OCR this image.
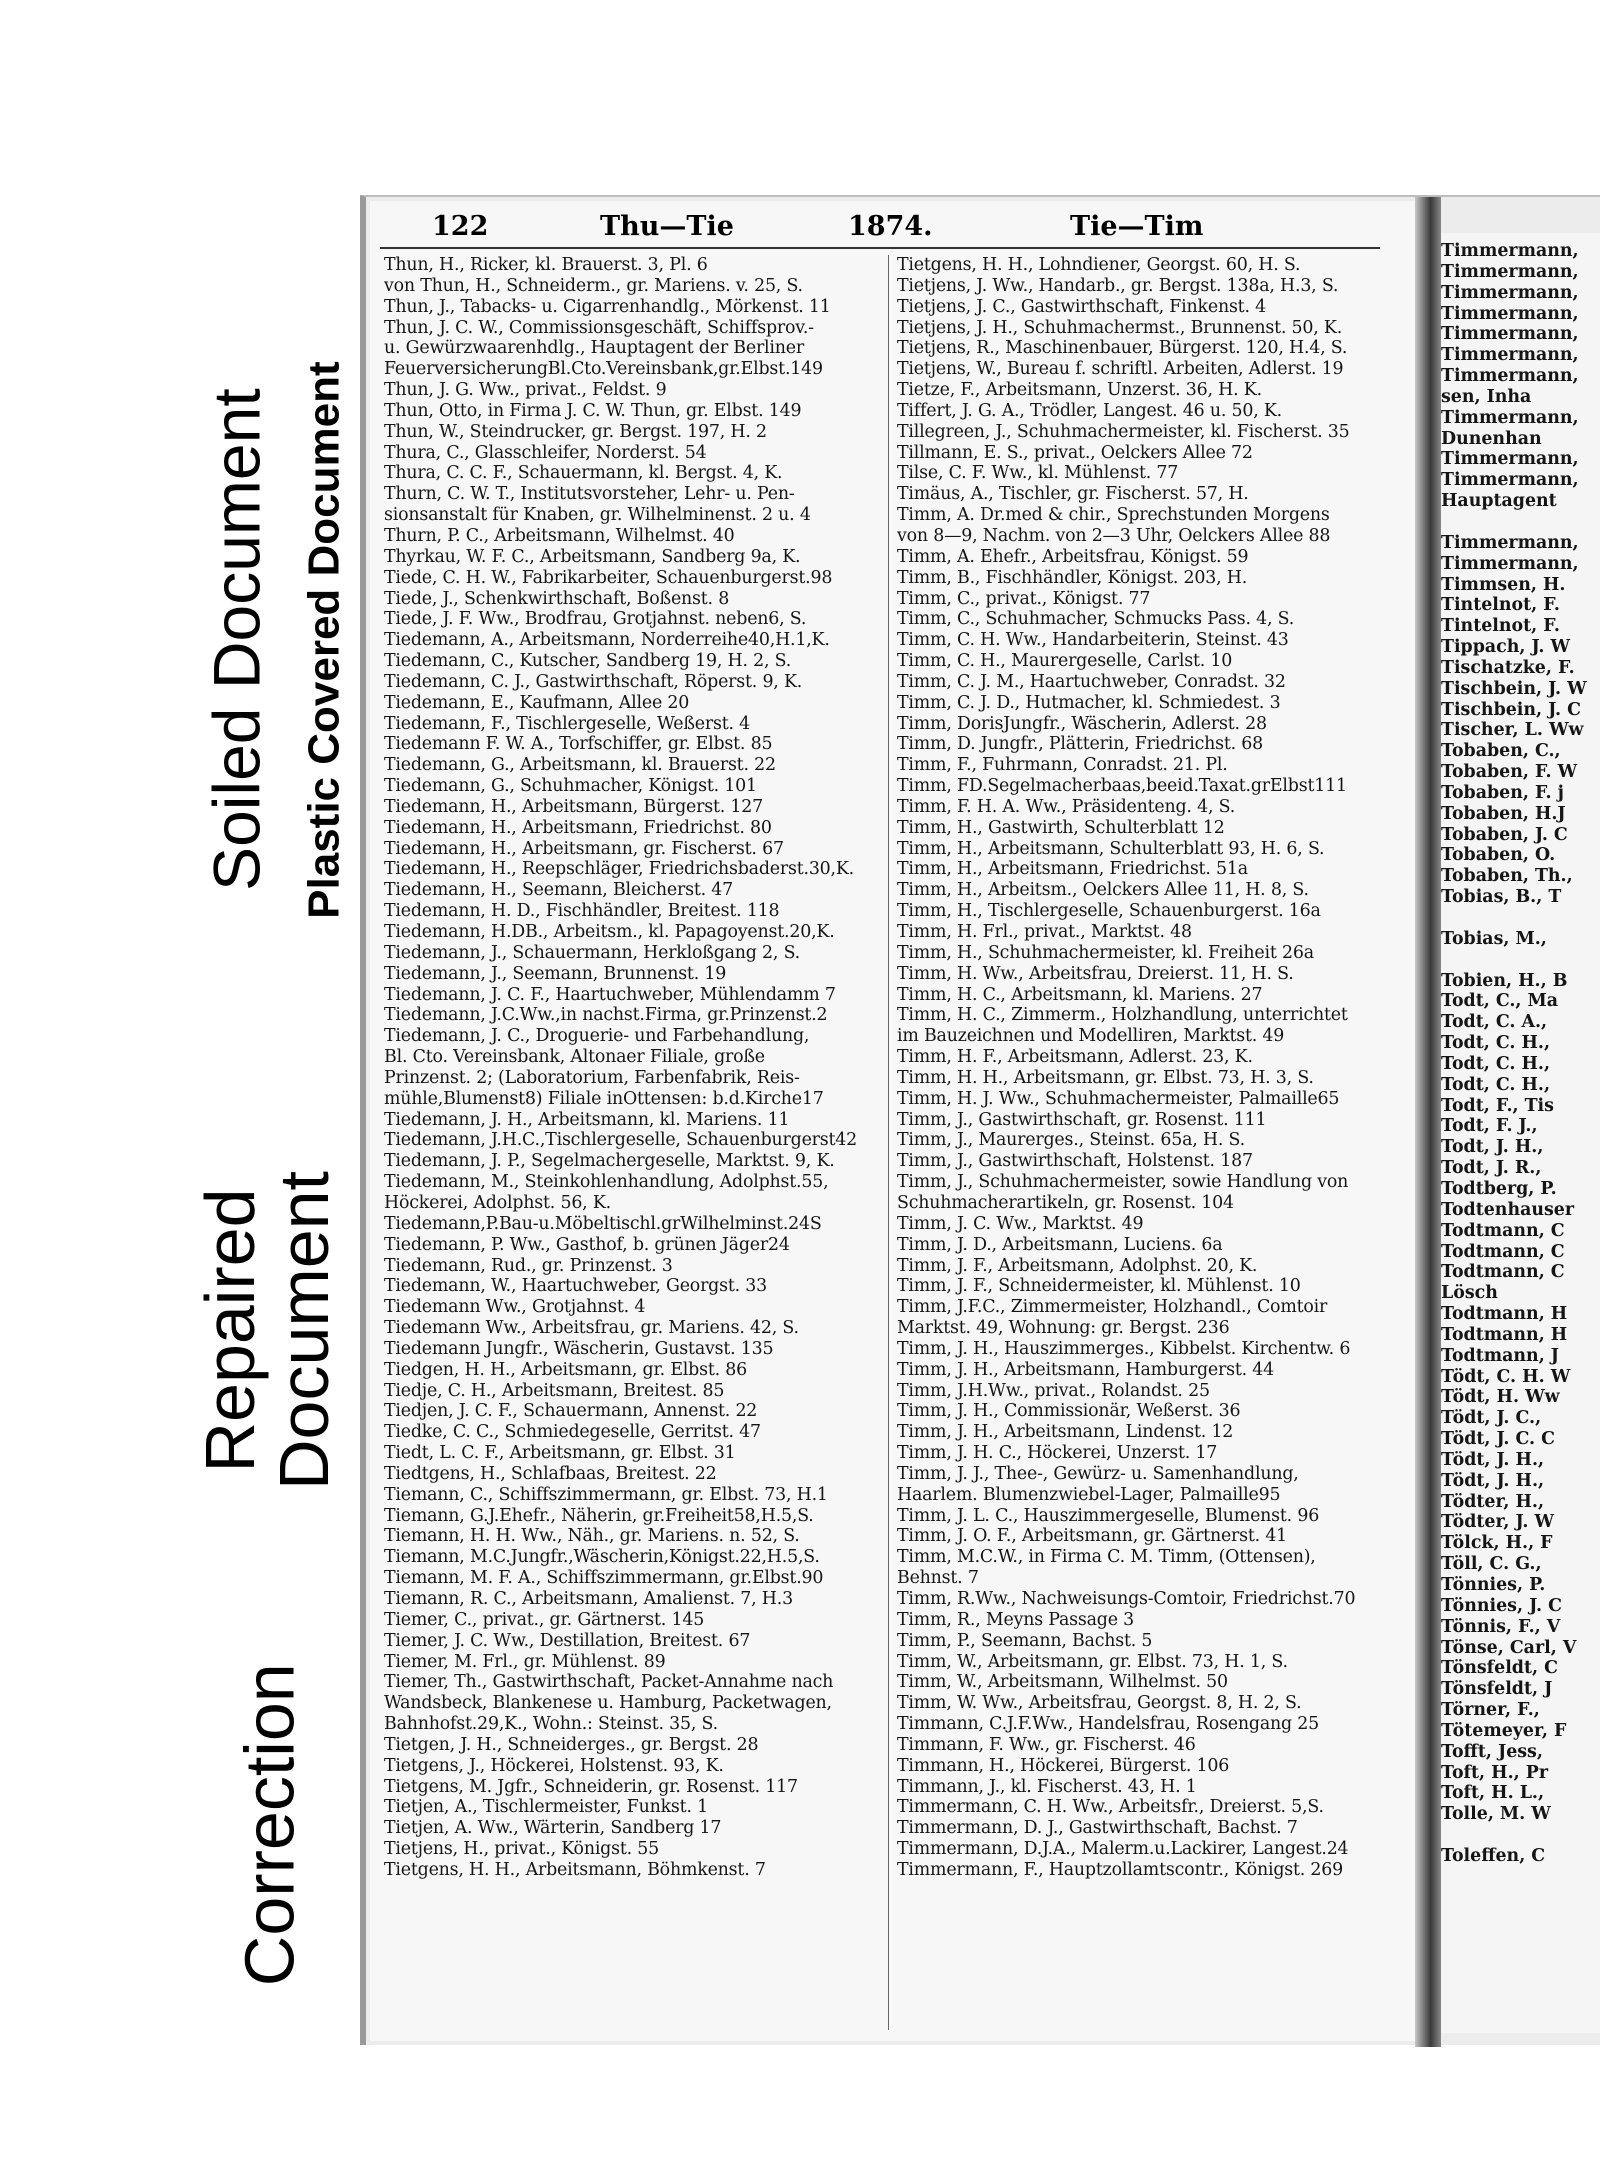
Soiled Document Plastic Covered Document
Repaired
Document
Correction
122	Thu—Tie	1874.	Tie—Tim
Thun, H., Ricker, kl. Brauerst. 3, Pl. 6
von Thun, H., Schneiderm., gr. Mariens. v. 25, S.
Thun, J., Tabacks- u. Cigarrenhandlg., Mörkenst. 11
Thun, J. C. W., Commissionsgeschäft, Schiffsprov.-
u. Gewürzwaarenhdlg., Hauptagent der Berliner
FeuerversicherungBl.Cto.Vereinsbank,gr.Elbst.149
Thun, J. G. Ww., privat., Feldst. 9
Thun, Otto, in Firma J. C. W. Thun, gr. Elbst. 149
Thun, W., Steindrucker, gr. Bergst. 197, H. 2
Thura, C., Glasschleifer, Norderst. 54
Thura, C. C. F., Schauermann, kl. Bergst. 4, K.
Thurn, C. W. T., Institutsvorsteher, Lehr- u. Pen-
sionsanstalt für Knaben, gr. Wilhelminenst. 2 u. 4
Thurn, P. C., Arbeitsmann, Wilhelmst. 40
Thyrkau, W. F. C., Arbeitsmann, Sandberg 9a, K.
Tiede, C. H. W., Fabrikarbeiter, Schauenburgerst.98
Tiede, J., Schenkwirthschaft, Boßenst. 8
Tiede, J. F. Ww., Brodfrau, Grotjahnst. neben6, S.
Tiedemann, A., Arbeitsmann, Norderreihe40,H.1,K.
Tiedemann, C., Kutscher, Sandberg 19, H. 2, S.
Tiedemann, C. J., Gastwirthschaft, Röperst. 9, K.
Tiedemann, E., Kaufmann, Allee 20
Tiedemann, F., Tischlergeselle, Weßerst. 4
Tiedemann F. W. A., Torfschiffer, gr. Elbst. 85
Tiedemann, G., Arbeitsmann, kl. Brauerst. 22
Tiedemann, G., Schuhmacher, Königst. 101
Tiedemann, H., Arbeitsmann, Bürgerst. 127
Tiedemann, H., Arbeitsmann, Friedrichst. 80
Tiedemann, H., Arbeitsmann, gr. Fischerst. 67
Tiedemann, H., Reepschläger, Friedrichsbaderst.30,K.
Tiedemann, H., Seemann, Bleicherst. 47
Tiedemann, H. D., Fischhändler, Breitest. 118
Tiedemann, H.DB., Arbeitsm., kl. Papagoyenst.20,K.
Tiedemann, J., Schauermann, Herkloßgang 2, S.
Tiedemann, J., Seemann, Brunnenst. 19
Tiedemann, J. C. F., Haartuchweber, Mühlendamm 7
Tiedemann, J.C.Ww.,in nachst.Firma, gr.Prinzenst.2
Tiedemann, J. C., Droguerie- und Farbehandlung,
Bl. Cto. Vereinsbank, Altonaer Filiale, große
Prinzenst. 2; (Laboratorium, Farbenfabrik, Reis-
mühle,Blumenst8) Filiale inOttensen: b.d.Kirche17
Tiedemann, J. H., Arbeitsmann, kl. Mariens. 11
Tiedemann, J.H.C.,Tischlergeselle, Schauenburgerst42
Tiedemann, J. P., Segelmachergeselle, Marktst. 9, K.
Tiedemann, M., Steinkohlenhandlung, Adolphst.55,
Höckerei, Adolphst. 56, K.
Tiedemann,P.Bau-u.Möbeltischl.grWilhelminst.24S
Tiedemann, P. Ww., Gasthof, b. grünen Jäger24
Tiedemann, Rud., gr. Prinzenst. 3
Tiedemann, W., Haartuchweber, Georgst. 33
Tiedemann Ww., Grotjahnst. 4
Tiedemann Ww., Arbeitsfrau, gr. Mariens. 42, S.
Tiedemann Jungfr., Wäscherin, Gustavst. 135
Tiedgen, H. H., Arbeitsmann, gr. Elbst. 86
Tiedje, C. H., Arbeitsmann, Breitest. 85
Tiedjen, J. C. F., Schauermann, Annenst. 22
Tiedke, C. C., Schmiedegeselle, Gerritst. 47
Tiedt, L. C. F., Arbeitsmann, gr. Elbst. 31
Tiedtgens, H., Schlafbaas, Breitest. 22
Tiemann, C., Schiffszimmermann, gr. Elbst. 73, H.1
Tiemann, G.J.Ehefr., Näherin, gr.Freiheit58,H.5,S.
Tiemann, H. H. Ww., Näh., gr. Mariens. n. 52, S.
Tiemann, M.C.Jungfr.,Wäscherin,Königst.22,H.5,S.
Tiemann, M. F. A., Schiffszimmermann, gr.Elbst.90
Tiemann, R. C., Arbeitsmann, Amalienst. 7, H.3
Tiemer, C., privat., gr. Gärtnerst. 145
Tiemer, J. C. Ww., Destillation, Breitest. 67
Tiemer, M. Frl., gr. Mühlenst. 89
Tiemer, Th., Gastwirthschaft, Packet-Annahme nach
Wandsbeck, Blankenese u. Hamburg, Packetwagen,
Bahnhofst.29,K., Wohn.: Steinst. 35, S.
Tietgen, J. H., Schneiderges., gr. Bergst. 28
Tietgens, J., Höckerei, Holstenst. 93, K.
Tietgens, M. Jgfr., Schneiderin, gr. Rosenst. 117
Tietjen, A., Tischlermeister, Funkst. 1
Tietjen, A. Ww., Wärterin, Sandberg 17
Tietjens, H., privat., Königst. 55
Tietgens, H. H., Arbeitsmann, Böhmkenst. 7
Tietgens, H. H., Lohndiener, Georgst. 60, H. S.
Tietjens, J. Ww., Handarb., gr. Bergst. 138a, H.3, S.
Tietjens, J. C., Gastwirthschaft, Finkenst. 4
Tietjens, J. H., Schuhmachermst., Brunnenst. 50, K.
Tietjens, R., Maschinenbauer, Bürgerst. 120, H.4, S.
Tietjens, W., Bureau f. schriftl. Arbeiten, Adlerst. 19
Tietze, F., Arbeitsmann, Unzerst. 36, H. K.
Tiffert, J. G. A., Trödler, Langest. 46 u. 50, K.
Tillegreen, J., Schuhmachermeister, kl. Fischerst. 35
Tillmann, E. S., privat., Oelckers Allee 72
Tilse, C. F. Ww., kl. Mühlenst. 77
Timäus, A., Tischler, gr. Fischerst. 57, H.
Timm, A. Dr.med & chir., Sprechstunden Morgens
von 8—9, Nachm. von 2—3 Uhr, Oelckers Allee 88
Timm, A. Ehefr., Arbeitsfrau, Königst. 59
Timm, B., Fischhändler, Königst. 203, H.
Timm, C., privat., Königst. 77
Timm, C., Schuhmacher, Schmucks Pass. 4, S.
Timm, C. H. Ww., Handarbeiterin, Steinst. 43
Timm, C. H., Maurergeselle, Carlst. 10
Timm, C. J. M., Haartuchweber, Conradst. 32
Timm, C. J. D., Hutmacher, kl. Schmiedest. 3
Timm, DorisJungfr., Wäscherin, Adlerst. 28
Timm, D. Jungfr., Plätterin, Friedrichst. 68
Timm, F., Fuhrmann, Conradst. 21. Pl.
Timm, FD.Segelmacherbaas,beeid.Taxat.grElbst111
Timm, F. H. A. Ww., Präsidenteng. 4, S.
Timm, H., Gastwirth, Schulterblatt 12
Timm, H., Arbeitsmann, Schulterblatt 93, H. 6, S.
Timm, H., Arbeitsmann, Friedrichst. 51a
Timm, H., Arbeitsm., Oelckers Allee 11, H. 8, S.
Timm, H., Tischlergeselle, Schauenburgerst. 16a
Timm, H. Frl., privat., Marktst. 48
Timm, H., Schuhmachermeister, kl. Freiheit 26a
Timm, H. Ww., Arbeitsfrau, Dreierst. 11, H. S.
Timm, H. C., Arbeitsmann, kl. Mariens. 27
Timm, H. C., Zimmerm., Holzhandlung, unterrichtet
im Bauzeichnen und Modelliren, Marktst. 49
Timm, H. F., Arbeitsmann, Adlerst. 23, K.
Timm, H. H., Arbeitsmann, gr. Elbst. 73, H. 3, S.
Timm, H. J. Ww., Schuhmachermeister, Palmaille65
Timm, J., Gastwirthschaft, gr. Rosenst. 111
Timm, J., Maurerges., Steinst. 65a, H. S.
Timm, J., Gastwirthschaft, Holstenst. 187
Timm, J., Schuhmachermeister, sowie Handlung von
Schuhmacherartikeln, gr. Rosenst. 104
Timm, J. C. Ww., Marktst. 49
Timm, J. D., Arbeitsmann, Luciens. 6a
Timm, J. F., Arbeitsmann, Adolphst. 20, K.
Timm, J. F., Schneidermeister, kl. Mühlenst. 10
Timm, J.F.C., Zimmermeister, Holzhandl., Comtoir
Marktst. 49, Wohnung: gr. Bergst. 236
Timm, J. H., Hauszimmerges., Kibbelst. Kirchentw. 6
Timm, J. H., Arbeitsmann, Hamburgerst. 44
Timm, J.H.Ww., privat., Rolandst. 25
Timm, J. H., Commissionär, Weßerst. 36
Timm, J. H., Arbeitsmann, Lindenst. 12
Timm, J. H. C., Höckerei, Unzerst. 17
Timm, J. J., Thee-, Gewürz- u. Samenhandlung,
Haarlem. Blumenzwiebel-Lager, Palmaille95
Timm, J. L. C., Hauszimmergeselle, Blumenst. 96
Timm, J. O. F., Arbeitsmann, gr. Gärtnerst. 41
Timm, M.C.W., in Firma C. M. Timm, (Ottensen),
Behnst. 7
Timm, R.Ww., Nachweisungs-Comtoir, Friedrichst.70
Timm, R., Meyns Passage 3
Timm, P., Seemann, Bachst. 5
Timm, W., Arbeitsmann, gr. Elbst. 73, H. 1, S.
Timm, W., Arbeitsmann, Wilhelmst. 50
Timm, W. Ww., Arbeitsfrau, Georgst. 8, H. 2, S.
Timmann, C.J.F.Ww., Handelsfrau, Rosengang 25
Timmann, F. Ww., gr. Fischerst. 46
Timmann, H., Höckerei, Bürgerst. 106
Timmann, J., kl. Fischerst. 43, H. 1
Timmermann, C. H. Ww., Arbeitsfr., Dreierst. 5,S.
Timmermann, D. J., Gastwirthschaft, Bachst. 7
Timmermann, D.J.A., Malerm.u.Lackirer, Langest.24
Timmermann, F., Hauptzollamtscontr., Königst. 269
Timmermann,
Timmermann,
Timmermann,
Timmermann,
Timmermann,
Timmermann,
Timmermann,
sen, Inha
Timmermann,
Dunenhan
Timmermann,
Timmermann,
Hauptagent
Timmermann,
Timmermann,
Timmsen, H.
Tintelnot, F.
Tintelnot, F.
Tippach, J. W
Tischatzke, F.
Tischbein, J. W
Tischbein, J. C
Tischer, L. Ww
Tobaben, C.,
Tobaben, F. W
Tobaben, F. j
Tobaben, H.J
Tobaben, J. C
Tobaben, O.
Tobaben, Th.,
Tobias, B., T
Tobias, M.,
Tobien, H., B
Todt, C., Ma
Todt, C. A.,
Todt, C. H.,
Todt, C. H.,
Todt, C. H.,
Todt, F., Tis
Todt, F. J.,
Todt, J. H.,
Todt, J. R.,
Todtberg, P.
Todtenhauser
Todtmann, C
Todtmann, C
Todtmann, C
Lösch
Todtmann, H
Todtmann, H
Todtmann, J
Tödt, C. H. W
Tödt, H. Ww
Tödt, J. C.,
Tödt, J. C. C
Tödt, J. H.,
Tödt, J. H.,
Tödter, H.,
Tödter, J. W
Tölck, H., F
Töll, C. G.,
Tönnies, P.
Tönnies, J. C
Tönnis, F., V
Tönse, Carl, V
Tönsfeldt, C
Tönsfeldt, J
Törner, F.,
Tötemeyer, F
Tofft, Jess,
Toft, H., Pr
Toft, H. L.,
Tolle, M. W
Toleffen, C
